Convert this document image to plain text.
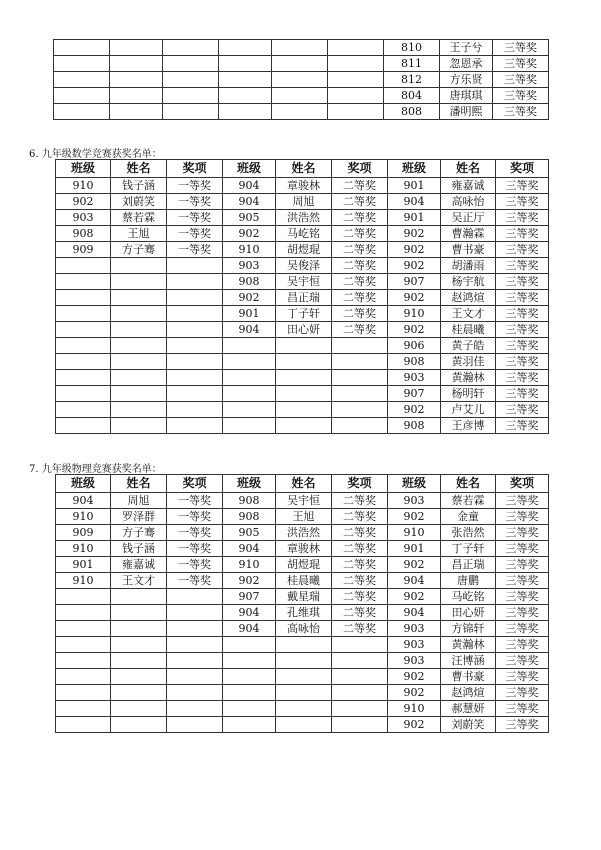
						810	王子兮	三等奖
						811	忽恩承	三等奖
						812	方乐贤	三等奖
						804	唐琪琪	三等奖
						808	潘明熙	三等奖
6. 九年级数学竞赛获奖名单：
班级	姓名	奖项	班级	姓名	奖项	班级	姓名	奖项
910	钱子涵	一等奖	904	章骏林	二等奖	901	雍嘉诚	三等奖
902	刘蔚笑	一等奖	904	周旭	二等奖	904	高咏怡	三等奖
903	蔡若霖	一等奖	905	洪浩然	二等奖	901	吴正厅	三等奖
908	王旭	一等奖	902	马屹铭	二等奖	902	曹瀚霖	三等奖
909	方子骞	一等奖	910	胡煜琨	二等奖	902	曹书豪	三等奖
			903	吴俊泽	二等奖	902	胡潘雨	三等奖
			908	吴宇恒	二等奖	907	杨宇航	三等奖
			902	昌正瑞	二等奖	902	赵鸿煊	三等奖
			901	丁子轩	二等奖	910	王文才	三等奖
			904	田心妍	二等奖	902	桂晨曦	三等奖
						906	黄子皓	三等奖
						908	黄羽佳	三等奖
						903	黄瀚林	三等奖
						907	杨明轩	三等奖
						902	卢艾儿	三等奖
						908	王彦博	三等奖
7. 九年级物理竞赛获奖名单：
班级	姓名	奖项	班级	姓名	奖项	班级	姓名	奖项
904	周旭	一等奖	908	吴宇恒	二等奖	903	蔡若霖	三等奖
910	罗泽群	一等奖	908	王旭	二等奖	902	金童	三等奖
909	方子骞	一等奖	905	洪浩然	二等奖	910	张浩然	三等奖
910	钱子涵	一等奖	904	章骏林	二等奖	901	丁子轩	三等奖
901	雍嘉诚	一等奖	910	胡煜琨	二等奖	902	昌正瑞	三等奖
910	王文才	一等奖	902	桂晨曦	二等奖	904	唐鹏	三等奖
			907	戴星瑞	二等奖	902	马屹铭	三等奖
			904	孔维琪	二等奖	904	田心妍	三等奖
			904	高咏怡	二等奖	903	方锦轩	三等奖
						903	黄瀚林	三等奖
						903	汪博涵	三等奖
						902	曹书豪	三等奖
						902	赵鸿煊	三等奖
						910	郝慧妍	三等奖
						902	刘蔚笑	三等奖
